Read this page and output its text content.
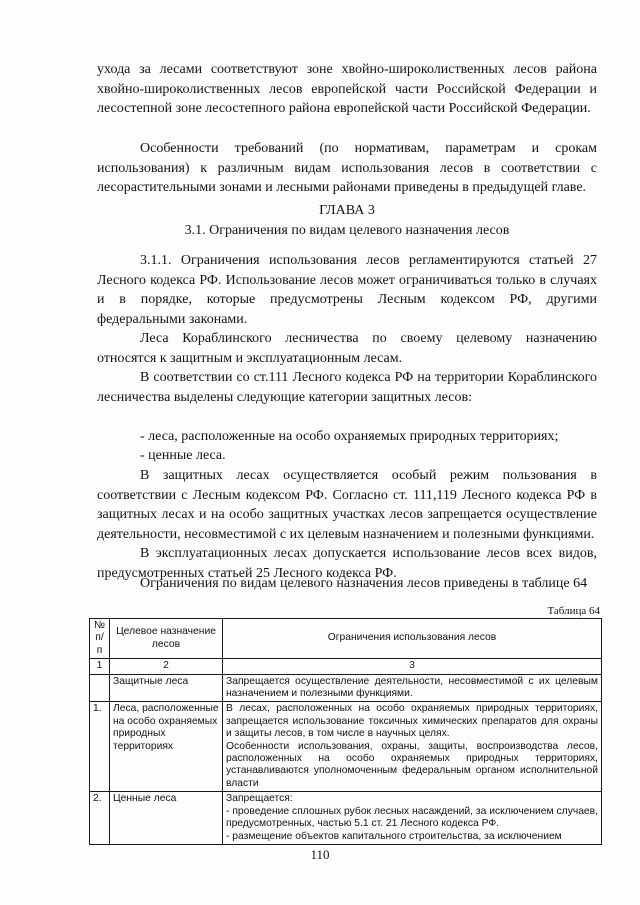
ухода за лесами соответствуют зоне хвойно-широколиственных лесов района хвойно-широколиственных лесов европейской части Российской Федерации и лесостепной зоне лесостепного района европейской части Российской Федерации.

Особенности требований (по нормативам, параметрам и срокам использования) к различным видам использования лесов в соответствии с лесорастительными зонами и лесными районами приведены в предыдущей главе.

ГЛАВА 3

3.1. Ограничения по видам целевого назначения лесов

3.1.1. Ограничения использования лесов регламентируются статьей 27 Лесного кодекса РФ. Использование лесов может ограничиваться только в случаях и в порядке, которые предусмотрены Лесным кодексом РФ, другими федеральными законами.

Леса Кораблинского лесничества по своему целевому назначению относятся к защитным и эксплуатационным лесам.

В соответствии со ст.111 Лесного кодекса РФ на территории Кораблинского лесничества выделены следующие категории защитных лесов:

- леса, расположенные на особо охраняемых природных территориях;

- ценные леса.

В защитных лесах осуществляется особый режим пользования в соответствии с Лесным кодексом РФ. Согласно ст. 111,119 Лесного кодекса РФ в защитных лесах и на особо защитных участках лесов запрещается осуществление деятельности, несовместимой с их целевым назначением и полезными функциями.

В эксплуатационных лесах допускается использование лесов всех видов, предусмотренных статьей 25 Лесного кодекса РФ.

Ограничения по видам целевого назначения лесов приведены в таблице 64

Таблица 64

№ п/п	Целевое назначение лесов	Ограничения использования лесов
1	2	3
	Защитные леса	Запрещается осуществление деятельности, несовместимой с их целевым назначением и полезными функциями.

1.	Леса, расположенные на особо охраняемых природных территориях	В лесах, расположенных на особо охраняемых природных территориях, запрещается использование токсичных химических препаратов для охраны и защиты лесов, в том числе в научных целях.
Особенности использования, охраны, защиты, воспроизводства лесов, расположенных на особо охраняемых природных территориях, устанавливаются уполномоченным федеральным органом исполнительной власти

2.	Ценные леса	Запрещается:
- проведение сплошных рубок лесных насаждений, за исключением случаев, предусмотренных, частью 5.1 ст. 21 Лесного кодекса РФ.
- размещение объектов капитального строительства, за исключением

110
